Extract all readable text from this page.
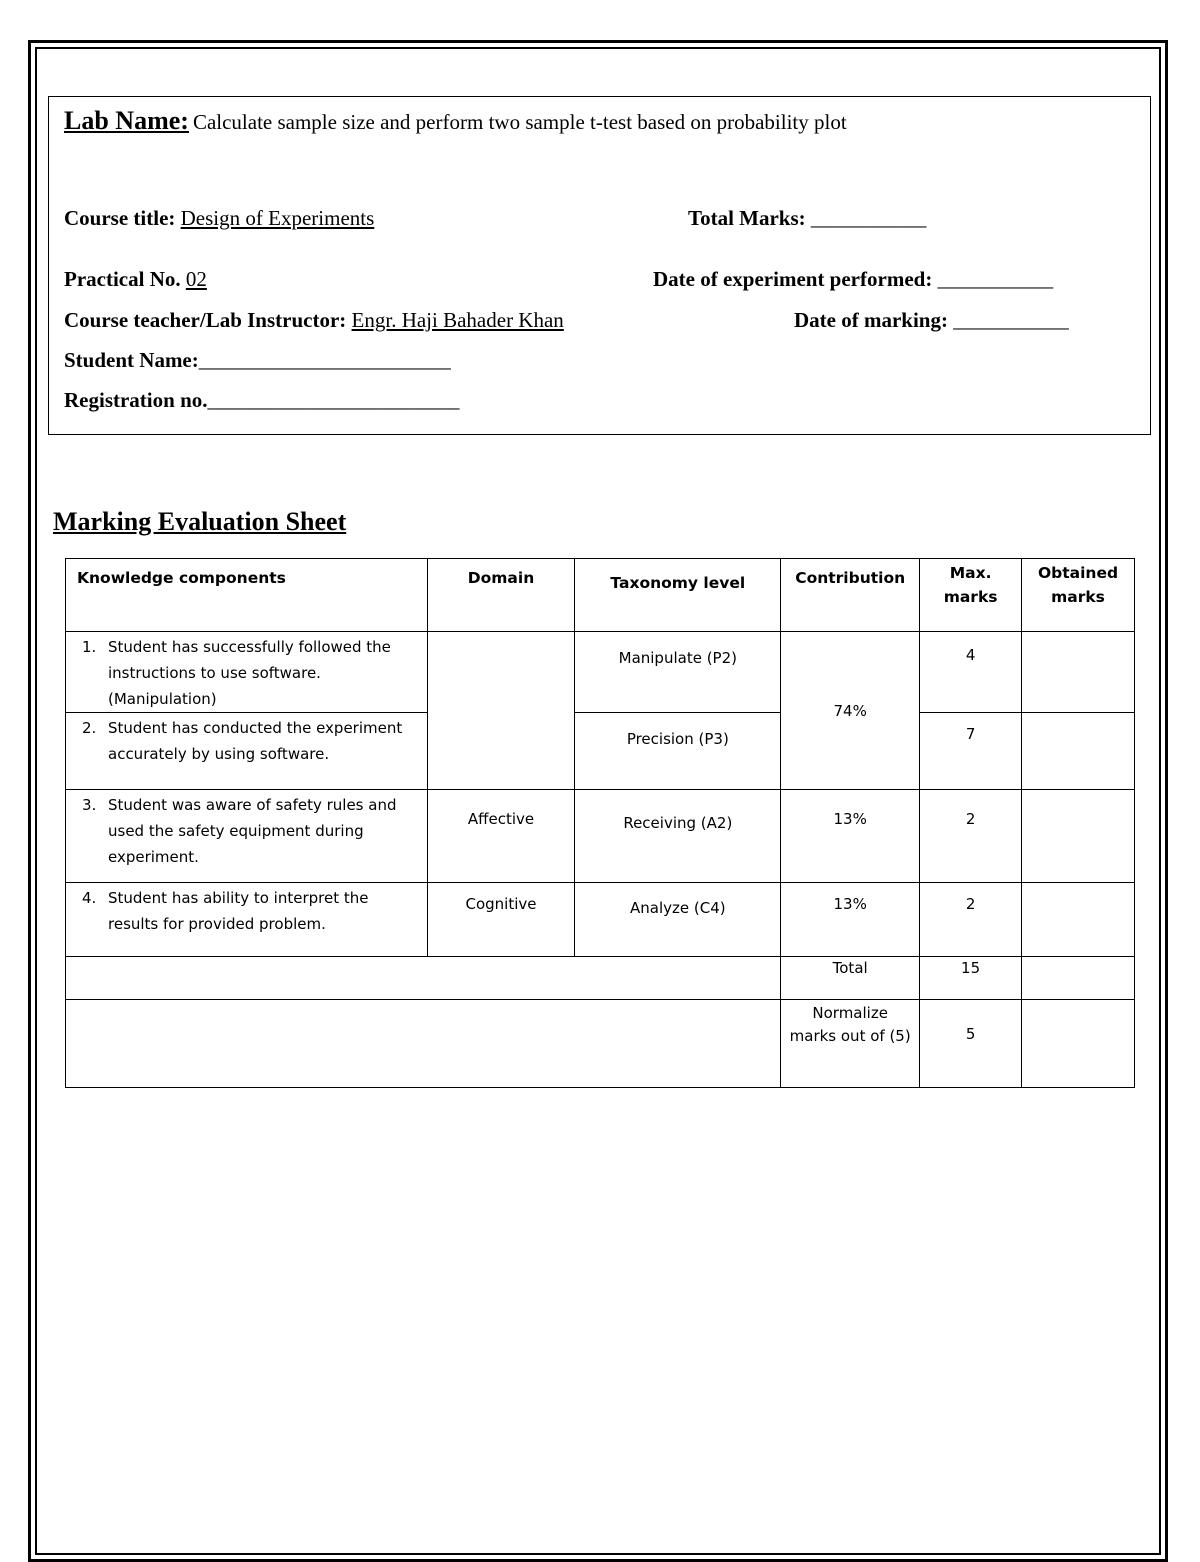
Lab Name: Calculate sample size and perform two sample t-test based on probability plot
Course title: Design of Experiments	Total Marks: ___________
Practical No. 02	Date of experiment performed: ___________
Course teacher/Lab Instructor: Engr. Haji Bahader Khan	Date of marking: ___________
Student Name:________________________
Registration no.________________________
Marking Evaluation Sheet
Knowledge components	Domain	Taxonomy level	Contribution	Max. marks	Obtained marks

1. Student has successfully followed the instructions to use software. (Manipulation)		Manipulate (P2)	74%	4	

2. Student has conducted the experiment accurately by using software.		Precision (P3)		7	

3. Student was aware of safety rules and used the safety equipment during experiment.	Affective	Receiving (A2)	13%	2	

4. Student has ability to interpret the results for provided problem.	Cognitive	Analyze (C4)	13%	2	
			Total	15	
			Normalize marks out of (5)	5	
